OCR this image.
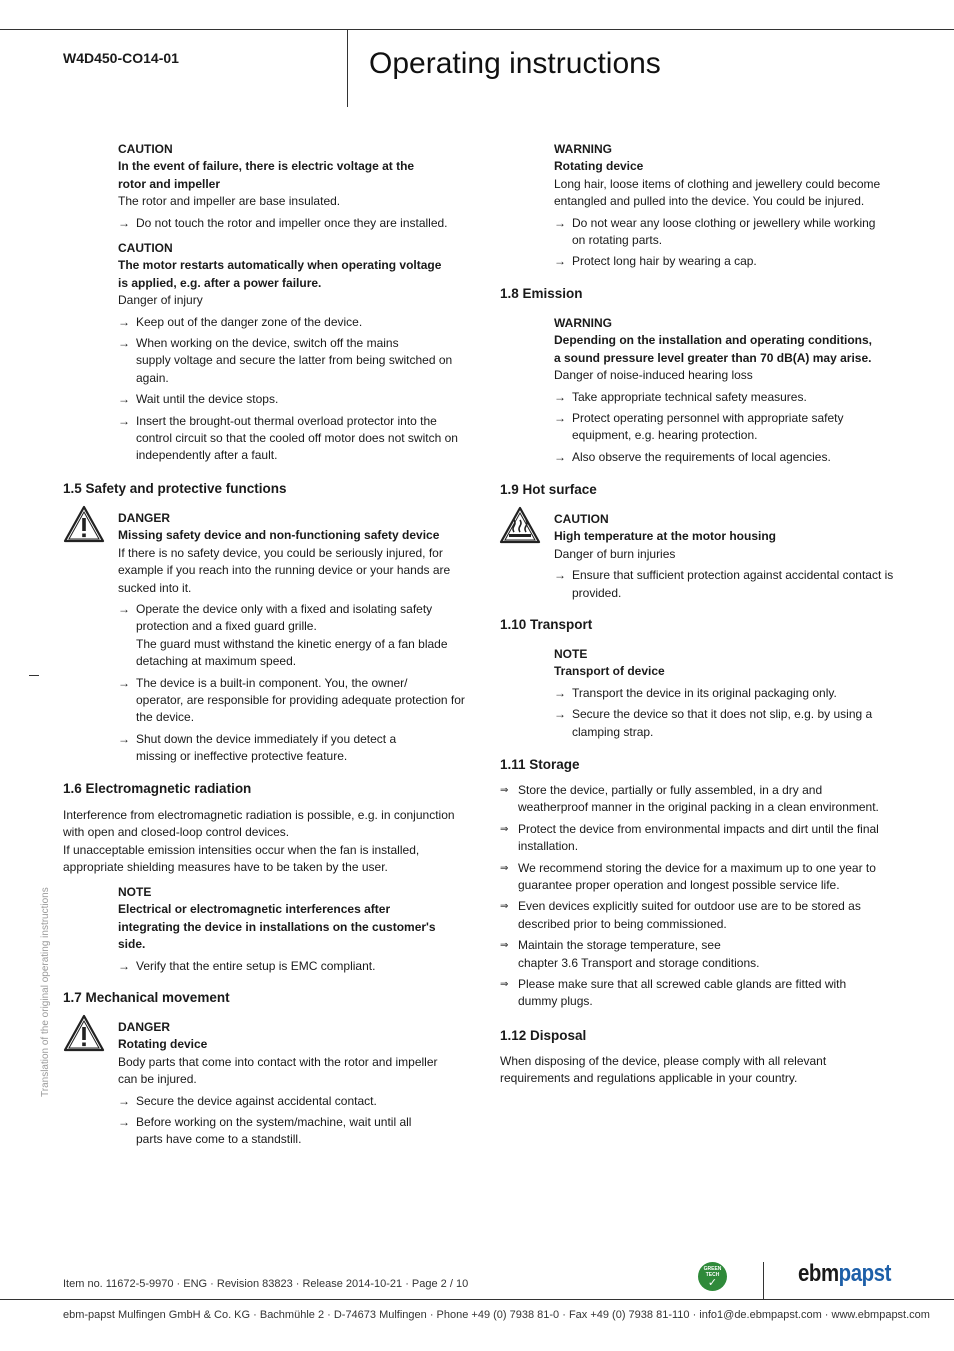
W4D450-CO14-01	Operating instructions
Translation of the original operating instructions

CAUTION

In the event of failure, there is electric voltage at the

rotor and impeller

The rotor and impeller are base insulated.

→ Do not touch the rotor and impeller once they are installed.

CAUTION

The motor restarts automatically when operating voltage

is applied, e.g. after a power failure.

Danger of injury

→ Keep out of the danger zone of the device.

→ When working on the device, switch off the mains
supply voltage and secure the latter from being switched on
again.

→ Wait until the device stops.

→ Insert the brought-out thermal overload protector into the
control circuit so that the cooled off motor does not switch on
independently after a fault.
1.5 Safety and protective functions

DANGER

Missing safety device and non-functioning safety device

If there is no safety device, you could be seriously injured, for

example if you reach into the running device or your hands are

sucked into it.

→ Operate the device only with a fixed and isolating safety
protection and a fixed guard grille.
The guard must withstand the kinetic energy of a fan blade
detaching at maximum speed.
→ The device is a built-in component. You, the owner/
operator, are responsible for providing adequate protection for
the device.
→ Shut down the device immediately if you detect a
missing or ineffective protective feature.
1.6 Electromagnetic radiation

Interference from electromagnetic radiation is possible, e.g. in conjunction

with open and closed-loop control devices.

If unacceptable emission intensities occur when the fan is installed,

appropriate shielding measures have to be taken by the user.

NOTE

Electrical or electromagnetic interferences after

integrating the device in installations on the customer's

side.

→ Verify that the entire setup is EMC compliant.

1.7 Mechanical movement

DANGER

Rotating device

Body parts that come into contact with the rotor and impeller

can be injured.

→ Secure the device against accidental contact.

→ Before working on the system/machine, wait until all
parts have come to a standstill.

WARNING

Rotating device

Long hair, loose items of clothing and jewellery could become

entangled and pulled into the device. You could be injured.

→ Do not wear any loose clothing or jewellery while working
on rotating parts.

→ Protect long hair by wearing a cap.

1.8 Emission

WARNING

Depending on the installation and operating conditions,

a sound pressure level greater than 70 dB(A) may arise.

Danger of noise-induced hearing loss

→ Take appropriate technical safety measures.

→ Protect operating personnel with appropriate safety
equipment, e.g. hearing protection.

→ Also observe the requirements of local agencies.

1.9 Hot surface

CAUTION

High temperature at the motor housing

Danger of burn injuries

→ Ensure that sufficient protection against accidental contact is
provided.
1.10 Transport

NOTE

Transport of device

→ Transport the device in its original packaging only.

→ Secure the device so that it does not slip, e.g. by using a
clamping strap.
1.11 Storage
⇒ Store the device, partially or fully assembled, in a dry and
weatherproof manner in the original packing in a clean environment.
⇒ Protect the device from environmental impacts and dirt until the final
installation.
⇒ We recommend storing the device for a maximum up to one year to
guarantee proper operation and longest possible service life.
⇒ Even devices explicitly suited for outdoor use are to be stored as
described prior to being commissioned.
⇒ Maintain the storage temperature, see
chapter 3.6 Transport and storage conditions.
⇒ Please make sure that all screwed cable glands are fitted with
dummy plugs.
1.12 Disposal

When disposing of the device, please comply with all relevant

requirements and regulations applicable in your country.

Item no. 11672-5-9970 · ENG · Revision 83823 · Release 2014-10-21 · Page 2 / 10
GREEN
TECH
✓	ebmpapst
ebm-papst Mulfingen GmbH & Co. KG · Bachmühle 2 · D-74673 Mulfingen · Phone +49 (0) 7938 81-0 · Fax +49 (0) 7938 81-110 · info1@de.ebmpapst.com · www.ebmpapst.com
